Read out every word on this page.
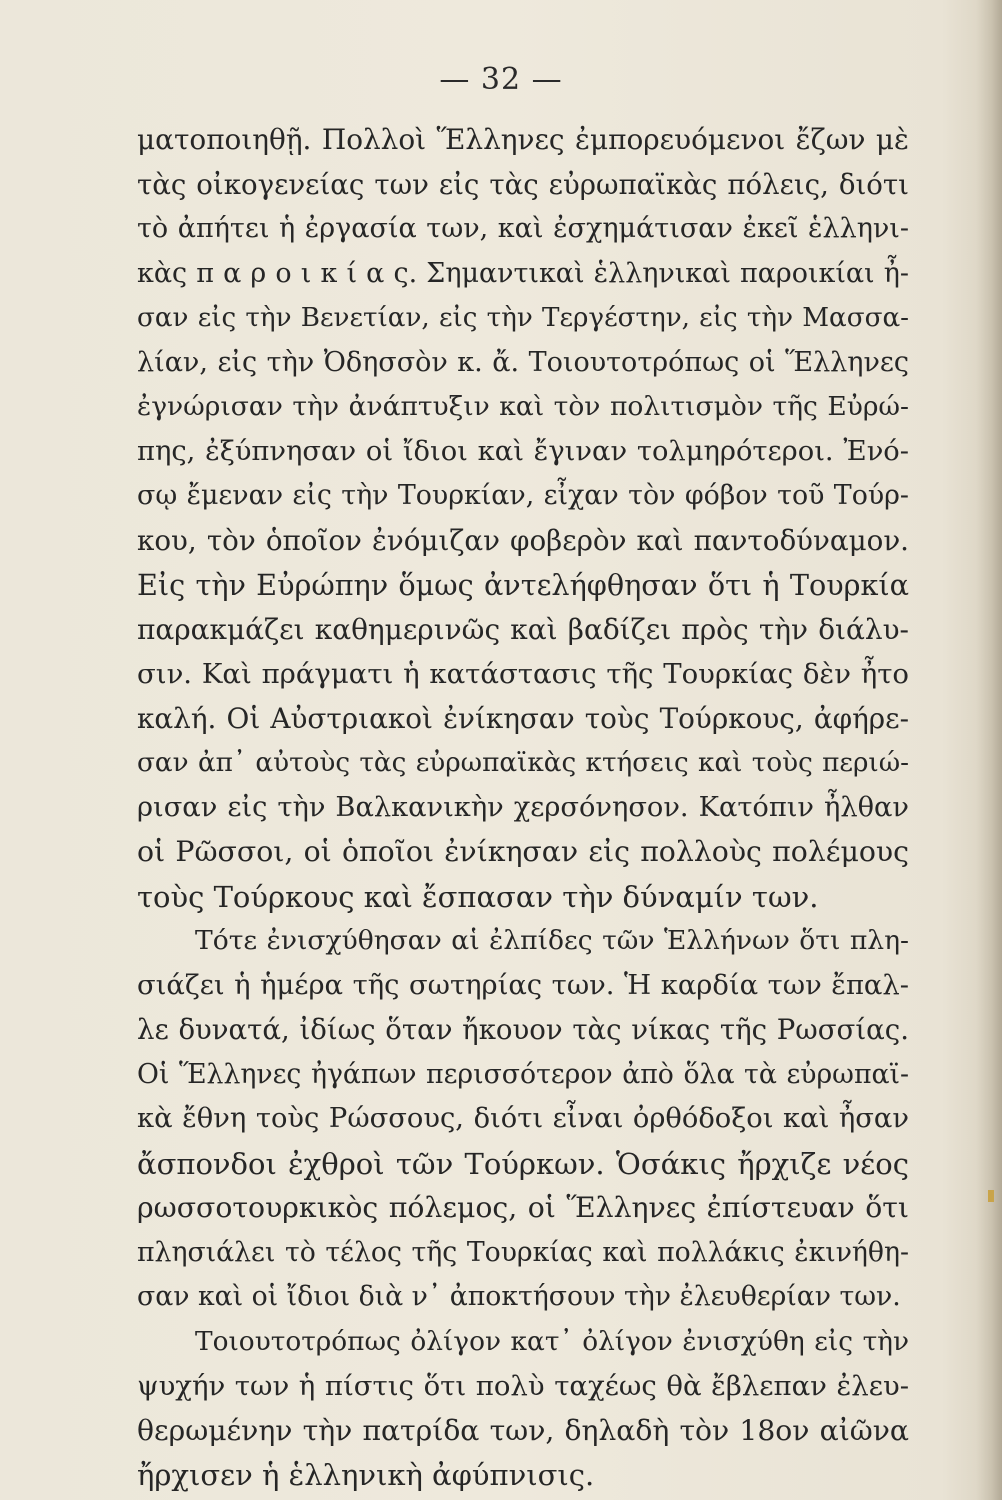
— 32 —
ματοποιηθῇ. Πολλοὶ Ἕλληνες ἐμπορευόμενοι ἔζων μὲ
τὰς οἰκογενείας των εἰς τὰς εὐρωπαϊκὰς πόλεις, διότι
τὸ ἀπήτει ἡ ἐργασία των, καὶ ἐσχημάτισαν ἐκεῖ ἑλληνι-
κὰς π α ρ ο ι κ ί α ς. Σημαντικαὶ ἑλληνικαὶ παροικίαι ἦ-
σαν εἰς τὴν Βενετίαν, εἰς τὴν Τεργέστην, εἰς τὴν Μασσα-
λίαν, εἰς τὴν Ὀδησσὸν κ. ἄ. Τοιουτοτρόπως οἱ Ἕλληνες
ἐγνώρισαν τὴν ἀνάπτυξιν καὶ τὸν πολιτισμὸν τῆς Εὐρώ-
πης, ἐξύπνησαν οἱ ἴδιοι καὶ ἔγιναν τολμηρότεροι. Ἐνό-
σῳ ἔμεναν εἰς τὴν Τουρκίαν, εἶχαν τὸν φόβον τοῦ Τούρ-
κου, τὸν ὁποῖον ἐνόμιζαν φοβερὸν καὶ παντοδύναμον.
Εἰς τὴν Εὐρώπην ὅμως ἀντελήφθησαν ὅτι ἡ Τουρκία
παρακμάζει καθημερινῶς καὶ βαδίζει πρὸς τὴν διάλυ-
σιν. Καὶ πράγματι ἡ κατάστασις τῆς Τουρκίας δὲν ἦτο
καλή. Οἱ Αὐστριακοὶ ἐνίκησαν τοὺς Τούρκους, ἀφήρε-
σαν ἀπ᾽ αὐτοὺς τὰς εὐρωπαϊκὰς κτήσεις καὶ τοὺς περιώ-
ρισαν εἰς τὴν Βαλκανικὴν χερσόνησον. Κατόπιν ἦλθαν
οἱ Ρῶσσοι, οἱ ὁποῖοι ἐνίκησαν εἰς πολλοὺς πολέμους
τοὺς Τούρκους καὶ ἔσπασαν τὴν δύναμίν των.
Τότε ἐνισχύθησαν αἱ ἐλπίδες τῶν Ἑλλήνων ὅτι πλη-
σιάζει ἡ ἡμέρα τῆς σωτηρίας των. Ἡ καρδία των ἔπαλ-
λε δυνατά, ἰδίως ὅταν ἤκουον τὰς νίκας τῆς Ρωσσίας.
Οἱ Ἕλληνες ἠγάπων περισσότερον ἀπὸ ὅλα τὰ εὐρωπαϊ-
κὰ ἔθνη τοὺς Ρώσσους, διότι εἶναι ὀρθόδοξοι καὶ ἦσαν
ἄσπονδοι ἐχθροὶ τῶν Τούρκων. Ὁσάκις ἤρχιζε νέος
ρωσσοτουρκικὸς πόλεμος, οἱ Ἕλληνες ἐπίστευαν ὅτι
πλησιάλει τὸ τέλος τῆς Τουρκίας καὶ πολλάκις ἐκινήθη-
σαν καὶ οἱ ἴδιοι διὰ ν᾽ ἀποκτήσουν τὴν ἐλευθερίαν των.
Τοιουτοτρόπως ὀλίγον κατ᾽ ὀλίγον ἐνισχύθη εἰς τὴν
ψυχήν των ἡ πίστις ὅτι πολὺ ταχέως θὰ ἔβλεπαν ἐλευ-
θερωμένην τὴν πατρίδα των, δηλαδὴ τὸν 18ον αἰῶνα
ἤρχισεν ἡ ἑλληνικὴ ἀφύπνισις.
